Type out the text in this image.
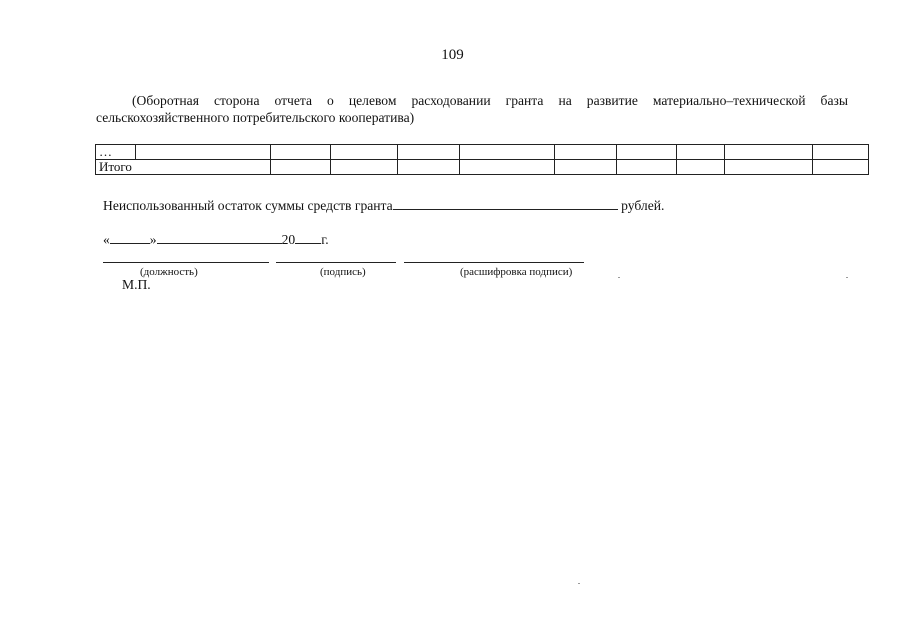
109

(Оборотная сторона отчета о целевом расходовании гранта на развитие материально–технической базы сельскохозяйственного потребительского кооператива)

…										
Итого										
Неиспользованный остаток суммы средств гранта	рублей.
«	»	20 г.
(должность)	(подпись)	(расшифровка подписи)
М.П.
